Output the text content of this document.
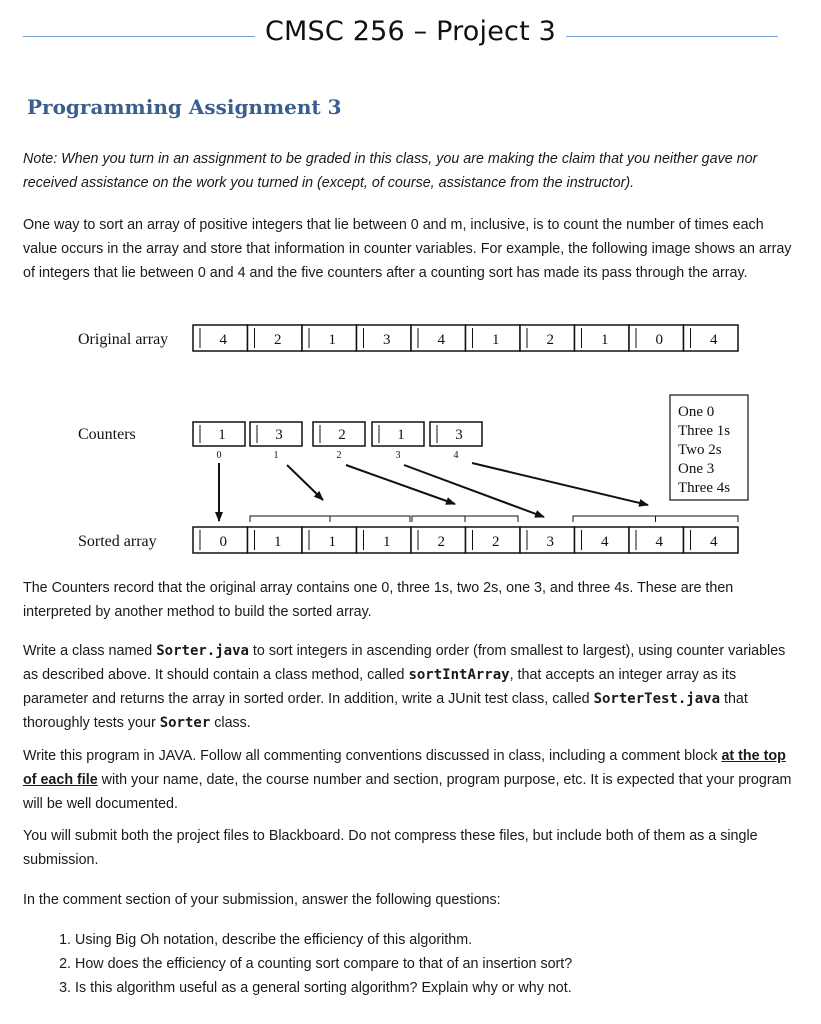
CMSC 256 – Project 3
Programming Assignment 3
Note: When you turn in an assignment to be graded in this class, you are making the claim that you neither gave nor received assistance on the work you turned in (except, of course, assistance from the instructor).
One way to sort an array of positive integers that lie between 0 and m, inclusive, is to count the number of times each value occurs in the array and store that information in counter variables. For example, the following image shows an array of integers that lie between 0 and 4 and the five counters after a counting sort has made its pass through the array.
Original array	4	2	1	3	4	1	2	1	0	4
Counters	1
0
3
1
2
2
1
3
3
4
One 0
Three 1s
Two 2s
One 3
Three 4s
Sorted array	0	1	1	1	2	2	3	4	4	4
The Counters record that the original array contains one 0, three 1s, two 2s, one 3, and three 4s. These are then interpreted by another method to build the sorted array.
Write a class named Sorter.java to sort integers in ascending order (from smallest to largest), using counter variables as described above. It should contain a class method, called sortIntArray, that accepts an integer array as its parameter and returns the array in sorted order. In addition, write a JUnit test class, called SorterTest.java that thoroughly tests your Sorter class.
Write this program in JAVA. Follow all commenting conventions discussed in class, including a comment block at the top of each file with your name, date, the course number and section, program purpose, etc. It is expected that your program will be well documented.
You will submit both the project files to Blackboard. Do not compress these files, but include both of them as a single submission.
In the comment section of your submission, answer the following questions:
1. Using Big Oh notation, describe the efficiency of this algorithm.
2. How does the efficiency of a counting sort compare to that of an insertion sort?
3. Is this algorithm useful as a general sorting algorithm? Explain why or why not.
